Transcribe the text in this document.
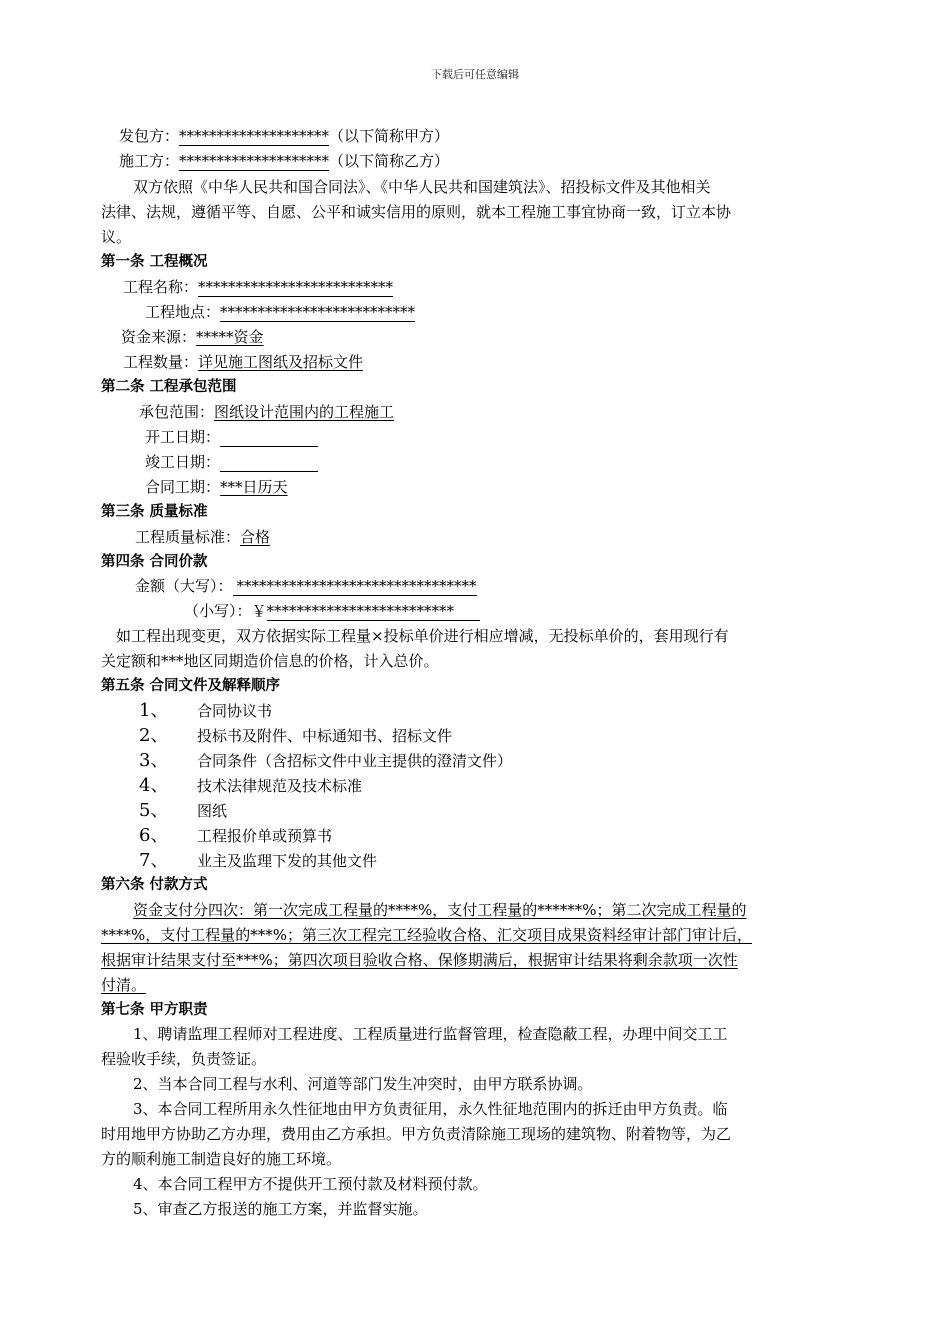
下载后可任意编辑
发包方：********************（以下简称甲方）
施工方：********************（以下简称乙方）
双方依照《中华人民共和国合同法》、《中华人民共和国建筑法》、招投标文件及其他相关
法律、法规，遵循平等、自愿、公平和诚实信用的原则，就本工程施工事宜协商一致，订立本协
议。
第一条 工程概况
工程名称：**************************
工程地点：**************************
资金来源：*****资金
工程数量：详见施工图纸及招标文件
第二条 工程承包范围
承包范围：图纸设计范围内的工程施工
开工日期：
竣工日期：
合同工期：***日历天
第三条 质量标准
工程质量标准：合格
第四条 合同价款
金额（大写）： ********************************
（小写）：￥*************************
如工程出现变更，双方依据实际工程量×投标单价进行相应增减，无投标单价的，套用现行有
关定额和***地区同期造价信息的价格，计入总价。
第五条 合同文件及解释顺序
1、 合同协议书
2、 投标书及附件、中标通知书、招标文件
3、 合同条件（含招标文件中业主提供的澄清文件）
4、 技术法律规范及技术标准
5、 图纸
6、 工程报价单或预算书
7、 业主及监理下发的其他文件
第六条 付款方式
资金支付分四次：第一次完成工程量的****%，支付工程量的******%；第二次完成工程量的
****%，支付工程量的***%；第三次工程完工经验收合格、汇交项目成果资料经审计部门审计后，
根据审计结果支付至***%；第四次项目验收合格、保修期满后，根据审计结果将剩余款项一次性
付清。
第七条 甲方职责
1、聘请监理工程师对工程进度、工程质量进行监督管理，检查隐蔽工程，办理中间交工工
程验收手续，负责签证。
2、当本合同工程与水利、河道等部门发生冲突时，由甲方联系协调。
3、本合同工程所用永久性征地由甲方负责征用，永久性征地范围内的拆迁由甲方负责。临
时用地甲方协助乙方办理，费用由乙方承担。甲方负责清除施工现场的建筑物、附着物等，为乙
方的顺利施工制造良好的施工环境。
4、本合同工程甲方不提供开工预付款及材料预付款。
5、审查乙方报送的施工方案，并监督实施。
